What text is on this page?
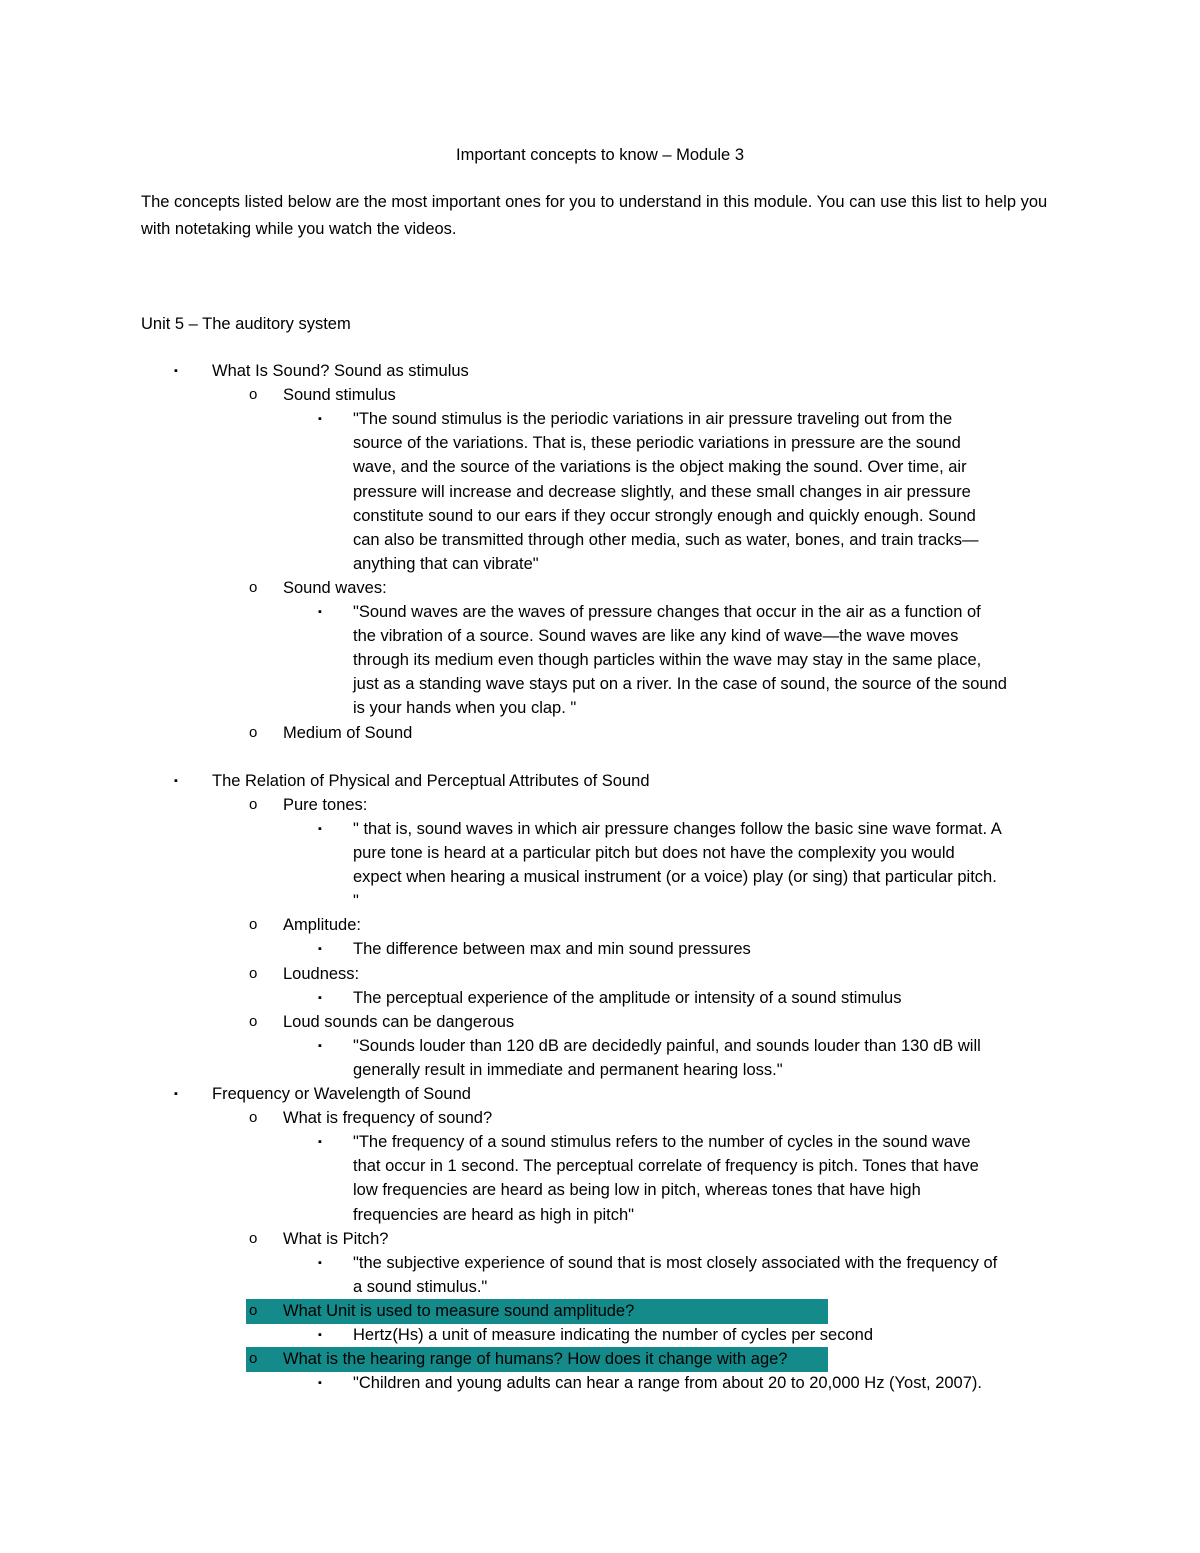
Important concepts to know – Module 3

The concepts listed below are the most important ones for you to understand in this module. You can use this list to help you with notetaking while you watch the videos.

Unit 5 – The auditory system
▪ What Is Sound? Sound as stimulus
o Sound stimulus
▪ "The sound stimulus is the periodic variations in air pressure traveling out from the
source of the variations. That is, these periodic variations in pressure are the sound
wave, and the source of the variations is the object making the sound. Over time, air
pressure will increase and decrease slightly, and these small changes in air pressure
constitute sound to our ears if they occur strongly enough and quickly enough. Sound
can also be transmitted through other media, such as water, bones, and train tracks—
anything that can vibrate"
o Sound waves:
▪ "Sound waves are the waves of pressure changes that occur in the air as a function of
the vibration of a source. Sound waves are like any kind of wave—the wave moves
through its medium even though particles within the wave may stay in the same place,
just as a standing wave stays put on a river. In the case of sound, the source of the sound
is your hands when you clap. "
o Medium of Sound
▪ The Relation of Physical and Perceptual Attributes of Sound
o Pure tones:
▪ " that is, sound waves in which air pressure changes follow the basic sine wave format. A
pure tone is heard at a particular pitch but does not have the complexity you would
expect when hearing a musical instrument (or a voice) play (or sing) that particular pitch.
"
o Amplitude:
▪ The difference between max and min sound pressures
o Loudness:
▪ The perceptual experience of the amplitude or intensity of a sound stimulus
o Loud sounds can be dangerous
▪ "Sounds louder than 120 dB are decidedly painful, and sounds louder than 130 dB will
generally result in immediate and permanent hearing loss."
▪ Frequency or Wavelength of Sound
o What is frequency of sound?
▪ "The frequency of a sound stimulus refers to the number of cycles in the sound wave
that occur in 1 second. The perceptual correlate of frequency is pitch. Tones that have
low frequencies are heard as being low in pitch, whereas tones that have high
frequencies are heard as high in pitch"
o What is Pitch?
▪ "the subjective experience of sound that is most closely associated with the frequency of
a sound stimulus."
o What Unit is used to measure sound amplitude?
▪ Hertz(Hs) a unit of measure indicating the number of cycles per second
o What is the hearing range of humans? How does it change with age?
▪ "Children and young adults can hear a range from about 20 to 20,000 Hz (Yost, 2007).
